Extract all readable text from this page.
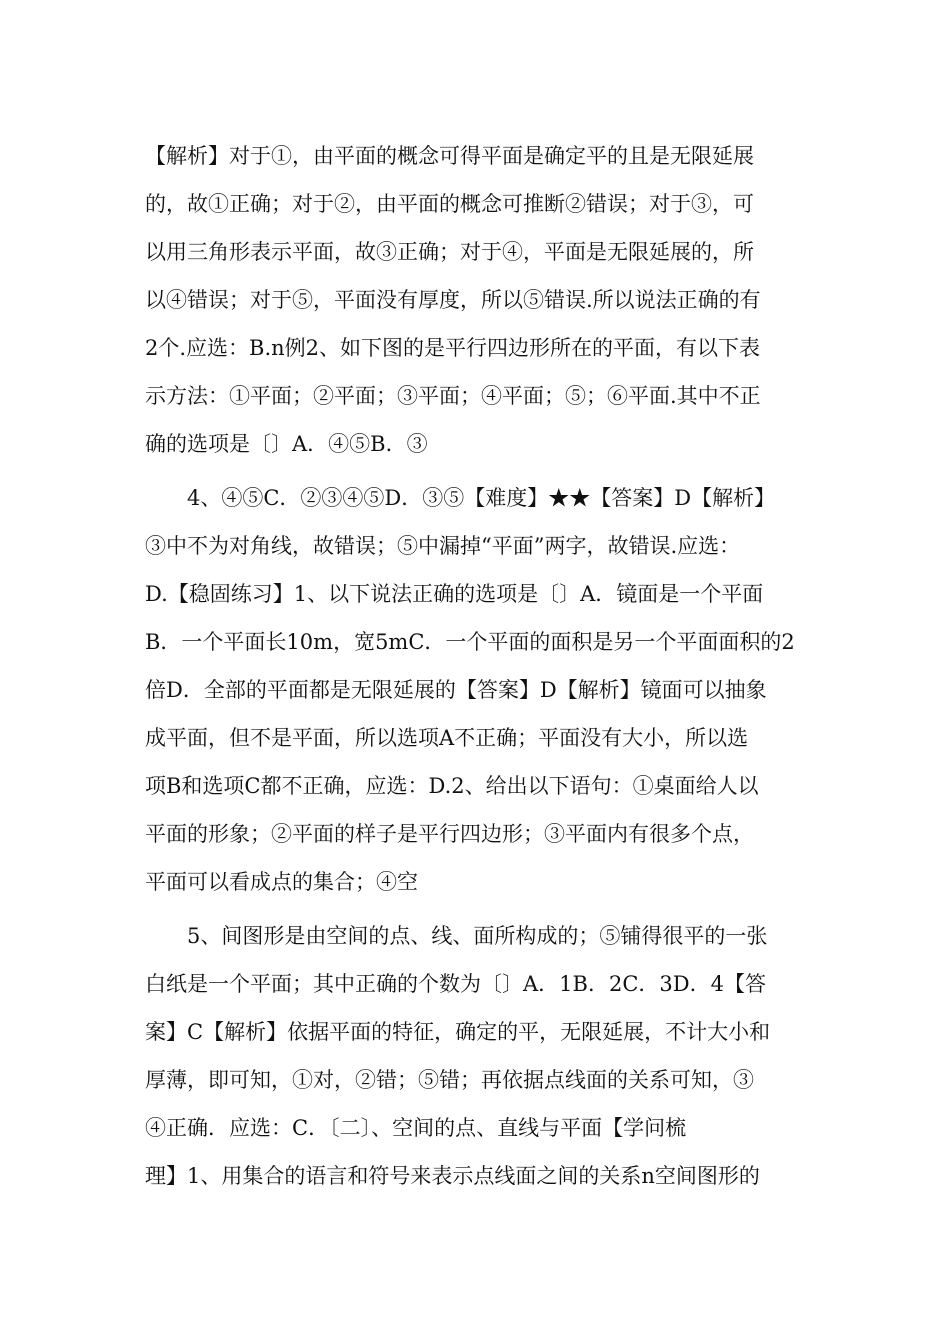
【解析】对于①，由平面的概念可得平面是确定平的且是无限延展
的，故①正确；对于②，由平面的概念可推断②错误；对于③，可
以用三角形表示平面，故③正确；对于④，平面是无限延展的，所
以④错误；对于⑤，平面没有厚度，所以⑤错误.所以说法正确的有
2个.应选：B.n例2、如下图的是平行四边形所在的平面，有以下表
示方法：①平面；②平面；③平面；④平面；⑤；⑥平面.其中不正
确的选项是〔〕A．④⑤B．③
　　4、④⑤C．②③④⑤D．③⑤【难度】★★【答案】D【解析】
③中不为对角线，故错误；⑤中漏掉“平面”两字，故错误.应选：
D.【稳固练习】1、以下说法正确的选项是〔〕A．镜面是一个平面
B．一个平面长10m，宽5mC．一个平面的面积是另一个平面面积的2
倍D．全部的平面都是无限延展的【答案】D【解析】镜面可以抽象
成平面，但不是平面，所以选项A不正确；平面没有大小，所以选
项B和选项C都不正确，应选：D.2、给出以下语句：①桌面给人以
平面的形象；②平面的样子是平行四边形；③平面内有很多个点，
平面可以看成点的集合；④空
　　5、间图形是由空间的点、线、面所构成的；⑤铺得很平的一张
白纸是一个平面；其中正确的个数为〔〕A．1B．2C．3D．4【答
案】C【解析】依据平面的特征，确定的平，无限延展，不计大小和
厚薄，即可知，①对，②错；⑤错；再依据点线面的关系可知，③
④正确．应选：C．〔二〕、空间的点、直线与平面【学问梳
理】1、用集合的语言和符号来表示点线面之间的关系n空间图形的
